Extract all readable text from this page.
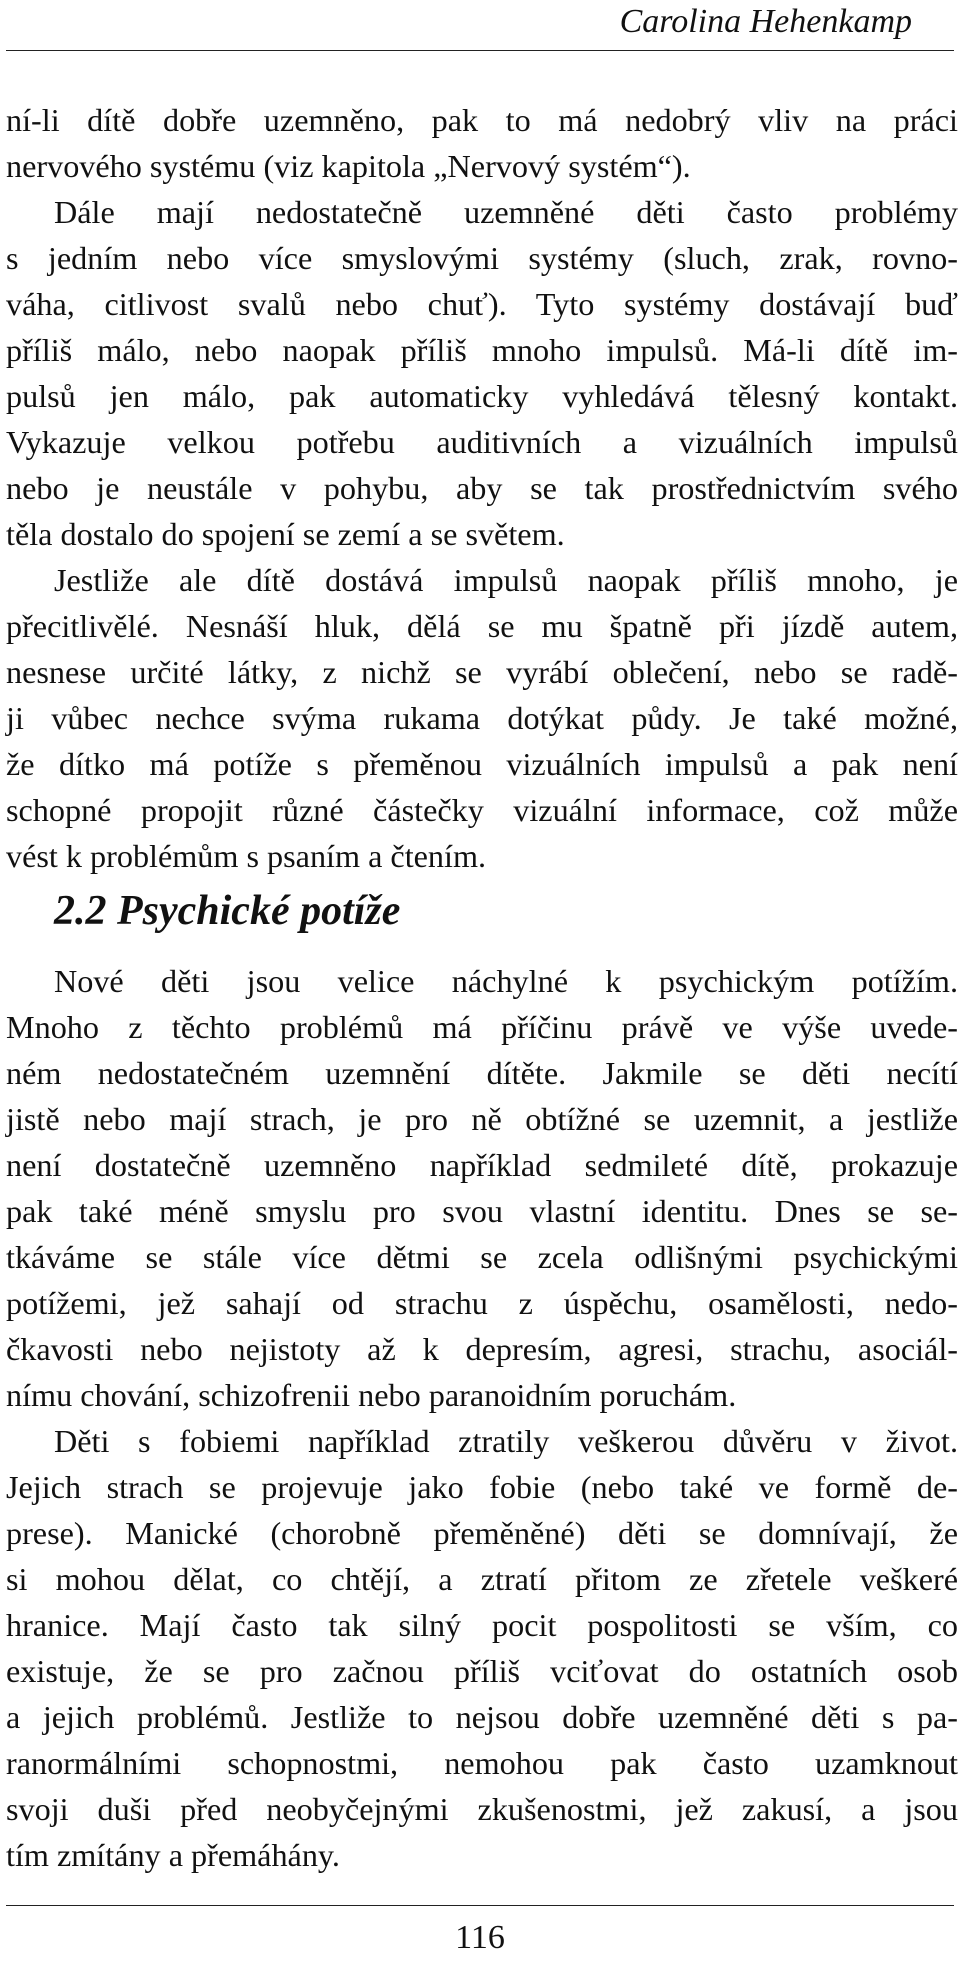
Carolina Hehenkamp
ní-li dítě dobře uzemněno, pak to má nedobrý vliv na práci
nervového systému (viz kapitola „Nervový systém“).
Dále mají nedostatečně uzemněné děti často problémy
s jedním nebo více smyslovými systémy (sluch, zrak, rovno-
váha, citlivost svalů nebo chuť). Tyto systémy dostávají buď
příliš málo, nebo naopak příliš mnoho impulsů. Má-li dítě im-
pulsů jen málo, pak automaticky vyhledává tělesný kontakt.
Vykazuje velkou potřebu auditivních a vizuálních impulsů
nebo je neustále v pohybu, aby se tak prostřednictvím svého
těla dostalo do spojení se zemí a se světem.
Jestliže ale dítě dostává impulsů naopak příliš mnoho, je
přecitlivělé. Nesnáší hluk, dělá se mu špatně při jízdě autem,
nesnese určité látky, z nichž se vyrábí oblečení, nebo se radě-
ji vůbec nechce svýma rukama dotýkat půdy. Je také možné,
že dítko má potíže s přeměnou vizuálních impulsů a pak není
schopné propojit různé částečky vizuální informace, což může
vést k problémům s psaním a čtením.
2.2 Psychické potíže
Nové děti jsou velice náchylné k psychickým potížím.
Mnoho z těchto problémů má příčinu právě ve výše uvede-
ném nedostatečném uzemnění dítěte. Jakmile se děti necítí
jistě nebo mají strach, je pro ně obtížné se uzemnit, a jestliže
není dostatečně uzemněno například sedmileté dítě, prokazuje
pak také méně smyslu pro svou vlastní identitu. Dnes se se-
tkáváme se stále více dětmi se zcela odlišnými psychickými
potížemi, jež sahají od strachu z úspěchu, osamělosti, nedo-
čkavosti nebo nejistoty až k depresím, agresi, strachu, asociál-
nímu chování, schizofrenii nebo paranoidním poruchám.
Děti s fobiemi například ztratily veškerou důvěru v život.
Jejich strach se projevuje jako fobie (nebo také ve formě de-
prese). Manické (chorobně přeměněné) děti se domnívají, že
si mohou dělat, co chtějí, a ztratí přitom ze zřetele veškeré
hranice. Mají často tak silný pocit pospolitosti se vším, co
existuje, že se pro začnou příliš vciťovat do ostatních osob
a jejich problémů. Jestliže to nejsou dobře uzemněné děti s pa-
ranormálními schopnostmi, nemohou pak často uzamknout
svoji duši před neobyčejnými zkušenostmi, jež zakusí, a jsou
tím zmítány a přemáhány.
116
